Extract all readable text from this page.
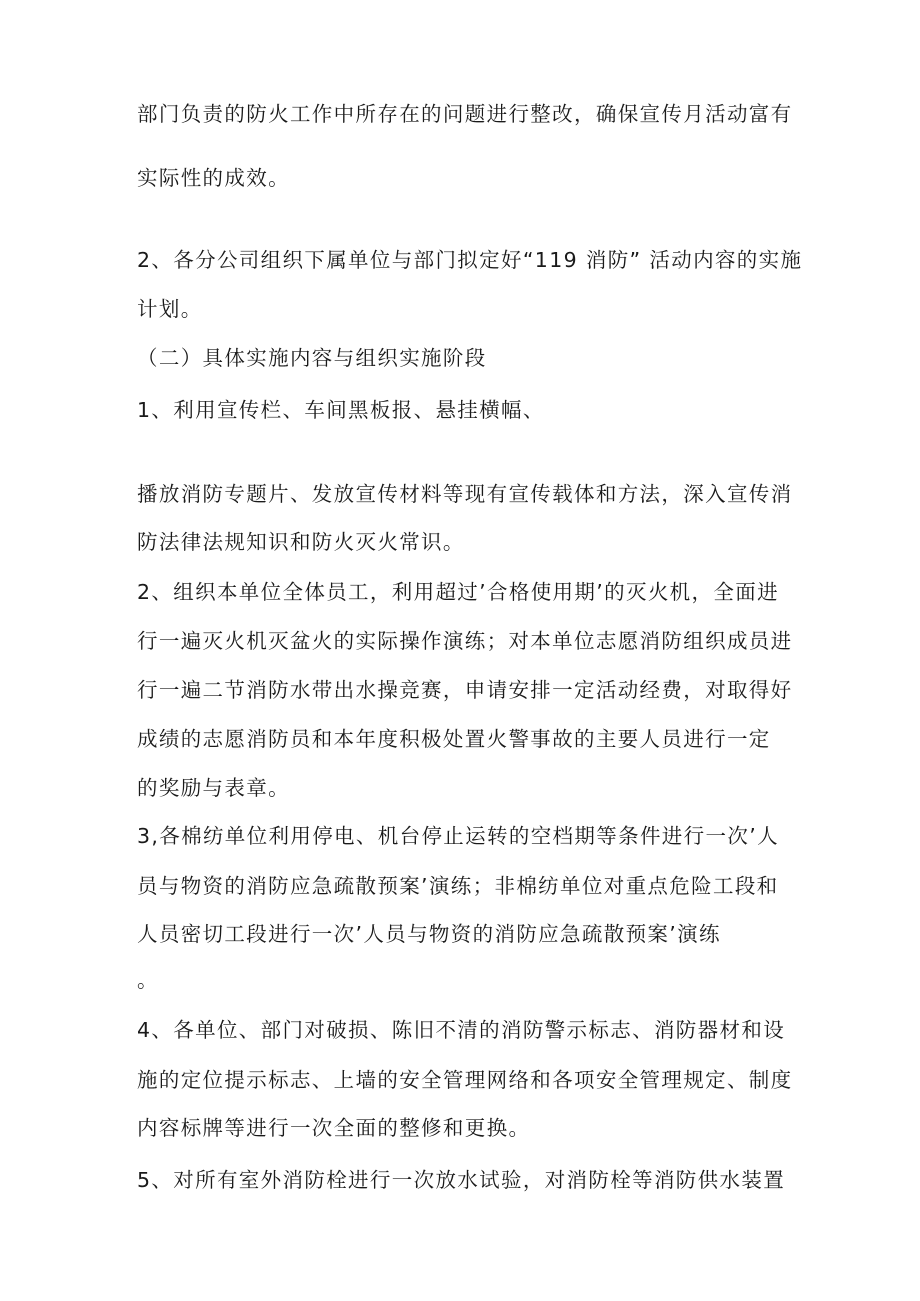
部门负责的防火工作中所存在的问题进行整改，确保宣传月活动富有
实际性的成效。
2、各分公司组织下属单位与部门拟定好“119 消防” 活动内容的实施
计划。
（二）具体实施内容与组织实施阶段
1、利用宣传栏、车间黑板报、悬挂横幅、
播放消防专题片、发放宣传材料等现有宣传载体和方法，深入宣传消
防法律法规知识和防火灭火常识。
2、组织本单位全体员工，利用超过’合格使用期’的灭火机，全面进
行一遍灭火机灭盆火的实际操作演练；对本单位志愿消防组织成员进
行一遍二节消防水带出水操竞赛，申请安排一定活动经费，对取得好
成绩的志愿消防员和本年度积极处置火警事故的主要人员进行一定
的奖励与表章。
3,各棉纺单位利用停电、机台停止运转的空档期等条件进行一次’人
员与物资的消防应急疏散预案’演练；非棉纺单位对重点危险工段和
人员密切工段进行一次’人员与物资的消防应急疏散预案’演练
。
4、各单位、部门对破损、陈旧不清的消防警示标志、消防器材和设
施的定位提示标志、上墙的安全管理网络和各项安全管理规定、制度
内容标牌等进行一次全面的整修和更换。
5、对所有室外消防栓进行一次放水试验，对消防栓等消防供水装置
